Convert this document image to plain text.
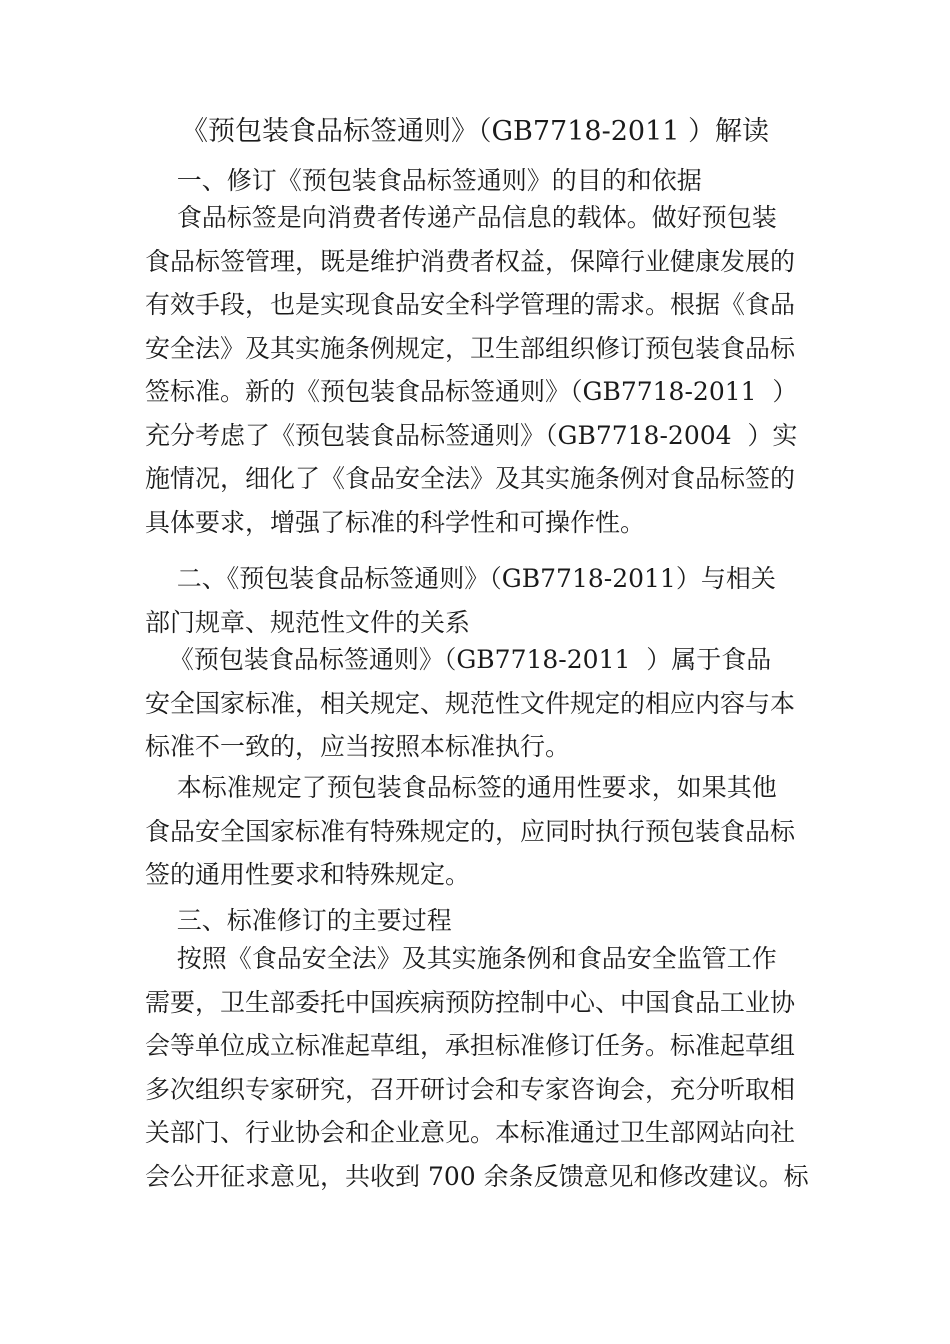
《预包装食品标签通则》（GB7718-2011 ）解读
一、修订《预包装食品标签通则》的目的和依据
食品标签是向消费者传递产品信息的载体。做好预包装
食品标签管理，既是维护消费者权益，保障行业健康发展的
有效手段，也是实现食品安全科学管理的需求。根据《食品
安全法》及其实施条例规定，卫生部组织修订预包装食品标
签标准。新的《预包装食品标签通则》（GB7718-2011  ）
充分考虑了《预包装食品标签通则》（GB7718-2004  ）实
施情况，细化了《食品安全法》及其实施条例对食品标签的
具体要求，增强了标准的科学性和可操作性。
二、《预包装食品标签通则》（GB7718-2011）与相关
部门规章、规范性文件的关系
《预包装食品标签通则》（GB7718-2011  ）属于食品
安全国家标准，相关规定、规范性文件规定的相应内容与本
标准不一致的，应当按照本标准执行。
本标准规定了预包装食品标签的通用性要求，如果其他
食品安全国家标准有特殊规定的，应同时执行预包装食品标
签的通用性要求和特殊规定。
三、标准修订的主要过程
按照《食品安全法》及其实施条例和食品安全监管工作
需要，卫生部委托中国疾病预防控制中心、中国食品工业协
会等单位成立标准起草组，承担标准修订任务。标准起草组
多次组织专家研究，召开研讨会和专家咨询会，充分听取相
关部门、行业协会和企业意见。本标准通过卫生部网站向社
会公开征求意见，共收到 700 余条反馈意见和修改建议。标
